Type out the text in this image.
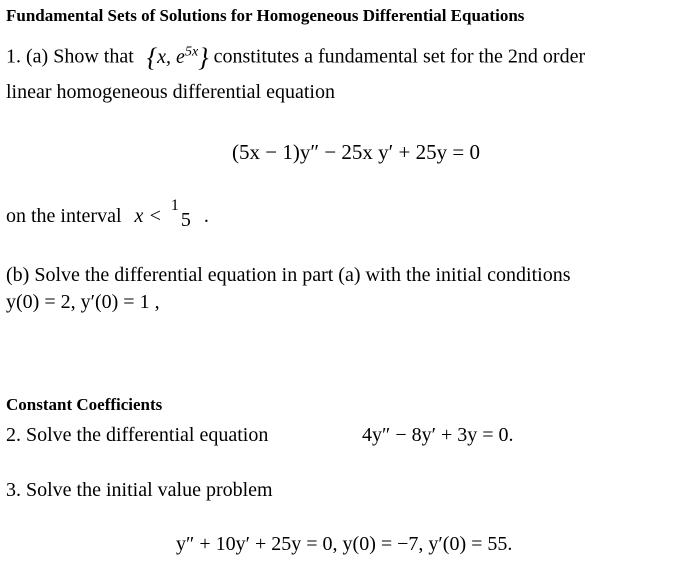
Fundamental Sets of Solutions for Homogeneous Differential Equations
1. (a) Show that {x, $e^{5x}$} constitutes a fundamental set for the 2nd order
linear homogeneous differential equation
(5x − 1)y″ − 25x y′ + 25y = 0
on the interval x < 1
5 .
(b) Solve the differential equation in part (a) with the initial conditions
y(0) = 2, y′(0) = 1 ,
Constant Coefficients
2. Solve the differential equation	4y″ − 8y′ + 3y = 0.
3. Solve the initial value problem
y″ + 10y′ + 25y = 0, y(0) = −7, y′(0) = 55.
